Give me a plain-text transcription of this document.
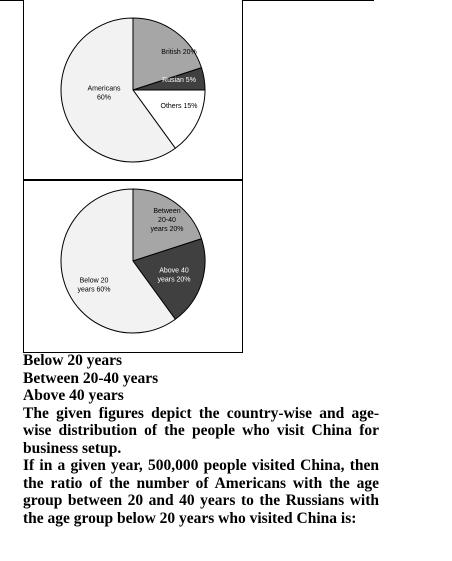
British 20%
Rusian 5%
Others 15%
Americans 60%
Between 20-40 years 20%
Above 40 years 20%
Below 20 years 60%

Below 20 years

Between 20-40 years

Above 40 years

The given figures depict the country-wise and age-wise distribution of the people who visit China for business setup.

If in a given year, 500,000 people visited China, then the ratio of the number of Americans with the age group between 20 and 40 years to the Russians with the age group below 20 years who visited China is:
